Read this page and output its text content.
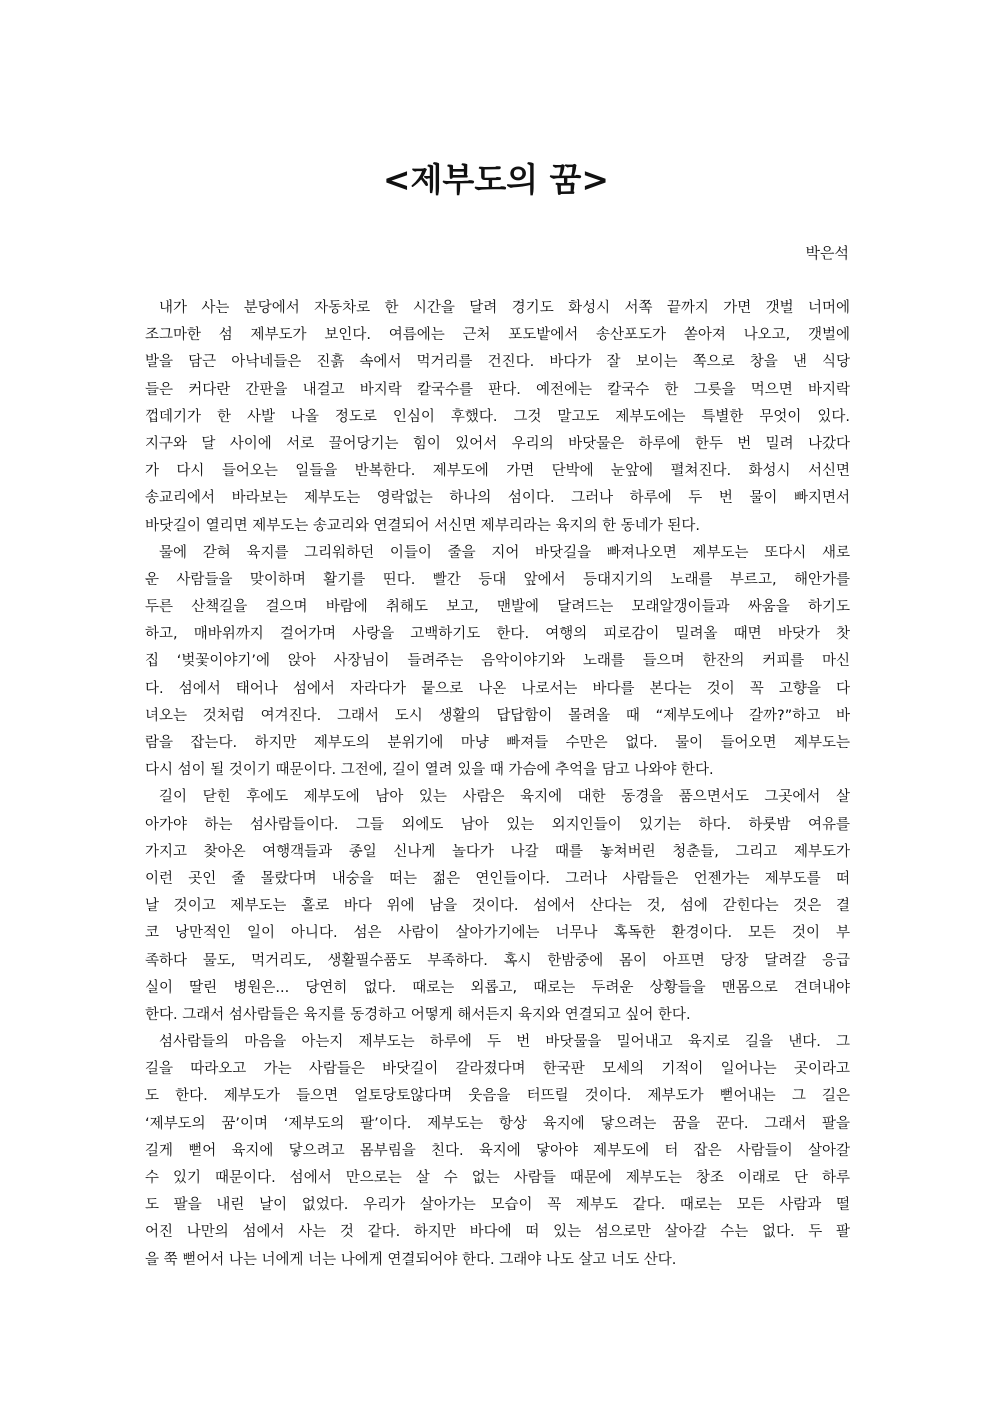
<제부도의 꿈>

박은석

내가 사는 분당에서 자동차로 한 시간을 달려 경기도 화성시 서쪽 끝까지 가면 갯벌 너머에
조그마한 섬 제부도가 보인다. 여름에는 근처 포도밭에서 송산포도가 쏟아져 나오고, 갯벌에
발을 담근 아낙네들은 진흙 속에서 먹거리를 건진다. 바다가 잘 보이는 쪽으로 창을 낸 식당
들은 커다란 간판을 내걸고 바지락 칼국수를 판다. 예전에는 칼국수 한 그릇을 먹으면 바지락
껍데기가 한 사발 나올 정도로 인심이 후했다. 그것 말고도 제부도에는 특별한 무엇이 있다.
지구와 달 사이에 서로 끌어당기는 힘이 있어서 우리의 바닷물은 하루에 한두 번 밀려 나갔다
가 다시 들어오는 일들을 반복한다. 제부도에 가면 단박에 눈앞에 펼쳐진다. 화성시 서신면
송교리에서 바라보는 제부도는 영락없는 하나의 섬이다. 그러나 하루에 두 번 물이 빠지면서
바닷길이 열리면 제부도는 송교리와 연결되어 서신면 제부리라는 육지의 한 동네가 된다.
물에 갇혀 육지를 그리워하던 이들이 줄을 지어 바닷길을 빠져나오면 제부도는 또다시 새로
운 사람들을 맞이하며 활기를 띤다. 빨간 등대 앞에서 등대지기의 노래를 부르고, 해안가를
두른 산책길을 걸으며 바람에 취해도 보고, 맨발에 달려드는 모래알갱이들과 싸움을 하기도
하고, 매바위까지 걸어가며 사랑을 고백하기도 한다. 여행의 피로감이 밀려올 때면 바닷가 찻
집 ‘벚꽃이야기’에 앉아 사장님이 들려주는 음악이야기와 노래를 들으며 한잔의 커피를 마신
다. 섬에서 태어나 섬에서 자라다가 뭍으로 나온 나로서는 바다를 본다는 것이 꼭 고향을 다
녀오는 것처럼 여겨진다. 그래서 도시 생활의 답답함이 몰려올 때 “제부도에나 갈까?”하고 바
람을 잡는다. 하지만 제부도의 분위기에 마냥 빠져들 수만은 없다. 물이 들어오면 제부도는
다시 섬이 될 것이기 때문이다. 그전에, 길이 열려 있을 때 가슴에 추억을 담고 나와야 한다.
길이 닫힌 후에도 제부도에 남아 있는 사람은 육지에 대한 동경을 품으면서도 그곳에서 살
아가야 하는 섬사람들이다. 그들 외에도 남아 있는 외지인들이 있기는 하다. 하룻밤 여유를
가지고 찾아온 여행객들과 종일 신나게 놀다가 나갈 때를 놓쳐버린 청춘들, 그리고 제부도가
이런 곳인 줄 몰랐다며 내숭을 떠는 젊은 연인들이다. 그러나 사람들은 언젠가는 제부도를 떠
날 것이고 제부도는 홀로 바다 위에 남을 것이다. 섬에서 산다는 것, 섬에 갇힌다는 것은 결
코 낭만적인 일이 아니다. 섬은 사람이 살아가기에는 너무나 혹독한 환경이다. 모든 것이 부
족하다 물도, 먹거리도, 생활필수품도 부족하다. 혹시 한밤중에 몸이 아프면 당장 달려갈 응급
실이 딸린 병원은... 당연히 없다. 때로는 외롭고, 때로는 두려운 상황들을 맨몸으로 견뎌내야
한다. 그래서 섬사람들은 육지를 동경하고 어떻게 해서든지 육지와 연결되고 싶어 한다.
섬사람들의 마음을 아는지 제부도는 하루에 두 번 바닷물을 밀어내고 육지로 길을 낸다. 그
길을 따라오고 가는 사람들은 바닷길이 갈라졌다며 한국판 모세의 기적이 일어나는 곳이라고
도 한다. 제부도가 들으면 얼토당토않다며 웃음을 터뜨릴 것이다. 제부도가 뻗어내는 그 길은
‘제부도의 꿈’이며 ‘제부도의 팔’이다. 제부도는 항상 육지에 닿으려는 꿈을 꾼다. 그래서 팔을
길게 뻗어 육지에 닿으려고 몸부림을 친다. 육지에 닿아야 제부도에 터 잡은 사람들이 살아갈
수 있기 때문이다. 섬에서 만으로는 살 수 없는 사람들 때문에 제부도는 창조 이래로 단 하루
도 팔을 내린 날이 없었다. 우리가 살아가는 모습이 꼭 제부도 같다. 때로는 모든 사람과 떨
어진 나만의 섬에서 사는 것 같다. 하지만 바다에 떠 있는 섬으로만 살아갈 수는 없다. 두 팔
을 쭉 뻗어서 나는 너에게 너는 나에게 연결되어야 한다. 그래야 나도 살고 너도 산다.
